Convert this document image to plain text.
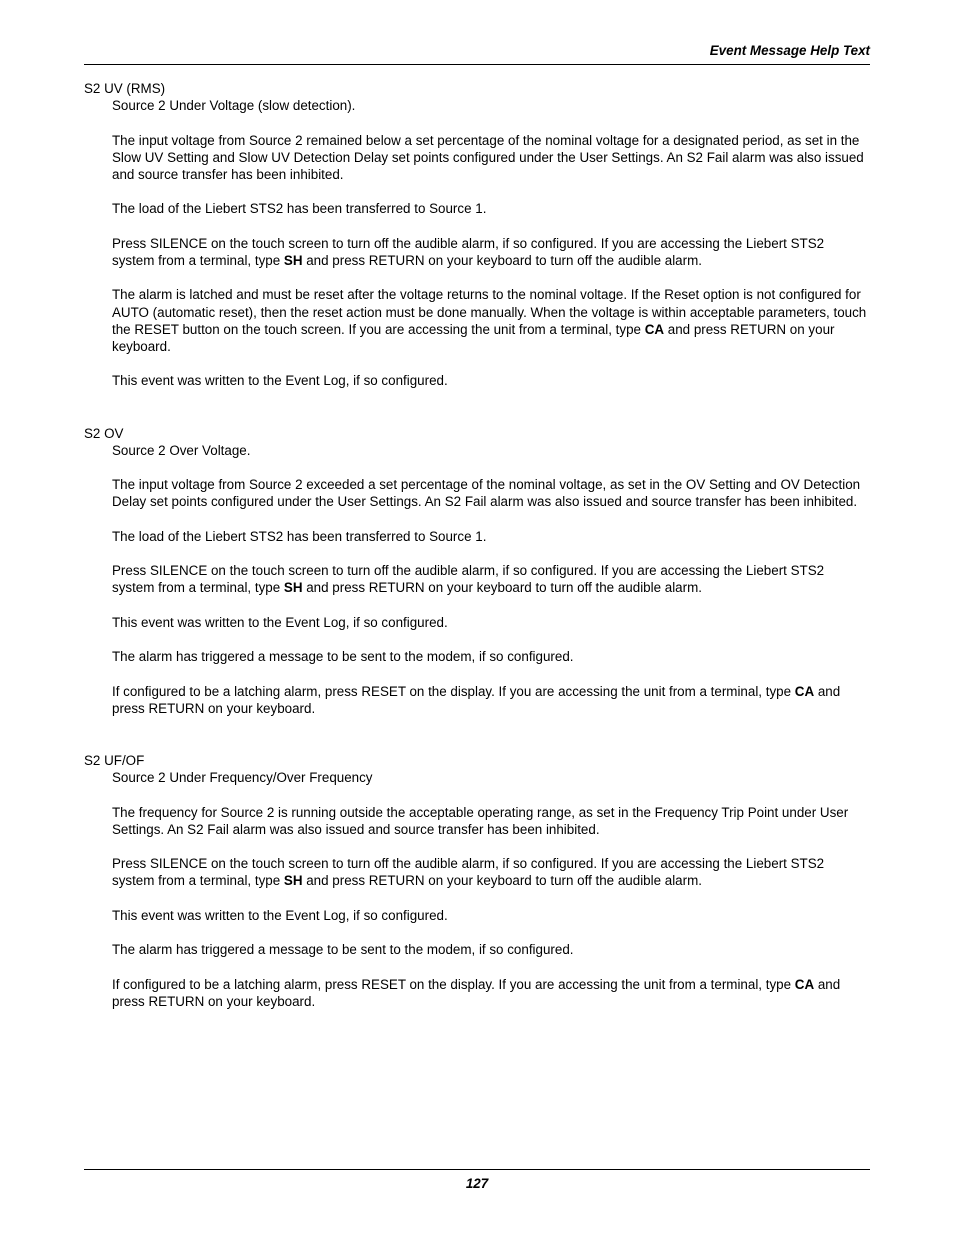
Event Message Help Text
S2 UV (RMS)

Source 2 Under Voltage (slow detection).

The input voltage from Source 2 remained below a set percentage of the nominal voltage for a designated period, as set in the Slow UV Setting and Slow UV Detection Delay set points configured under the User Settings. An S2 Fail alarm was also issued and source transfer has been inhibited.

The load of the Liebert STS2 has been transferred to Source 1.

Press SILENCE on the touch screen to turn off the audible alarm, if so configured. If you are accessing the Liebert STS2 system from a terminal, type SH and press RETURN on your keyboard to turn off the audible alarm.

The alarm is latched and must be reset after the voltage returns to the nominal voltage. If the Reset option is not configured for AUTO (automatic reset), then the reset action must be done manually. When the voltage is within acceptable parameters, touch the RESET button on the touch screen. If you are accessing the unit from a terminal, type CA and press RETURN on your keyboard.

This event was written to the Event Log, if so configured.

S2 OV

Source 2 Over Voltage.

The input voltage from Source 2 exceeded a set percentage of the nominal voltage, as set in the OV Setting and OV Detection Delay set points configured under the User Settings. An S2 Fail alarm was also issued and source transfer has been inhibited.

The load of the Liebert STS2 has been transferred to Source 1.

Press SILENCE on the touch screen to turn off the audible alarm, if so configured. If you are accessing the Liebert STS2 system from a terminal, type SH and press RETURN on your keyboard to turn off the audible alarm.

This event was written to the Event Log, if so configured.

The alarm has triggered a message to be sent to the modem, if so configured.

If configured to be a latching alarm, press RESET on the display. If you are accessing the unit from a terminal, type CA and press RETURN on your keyboard.

S2 UF/OF

Source 2 Under Frequency/Over Frequency

The frequency for Source 2 is running outside the acceptable operating range, as set in the Frequency Trip Point under User Settings. An S2 Fail alarm was also issued and source transfer has been inhibited.

Press SILENCE on the touch screen to turn off the audible alarm, if so configured. If you are accessing the Liebert STS2 system from a terminal, type SH and press RETURN on your keyboard to turn off the audible alarm.

This event was written to the Event Log, if so configured.

The alarm has triggered a message to be sent to the modem, if so configured.

If configured to be a latching alarm, press RESET on the display. If you are accessing the unit from a terminal, type CA and press RETURN on your keyboard.

127
